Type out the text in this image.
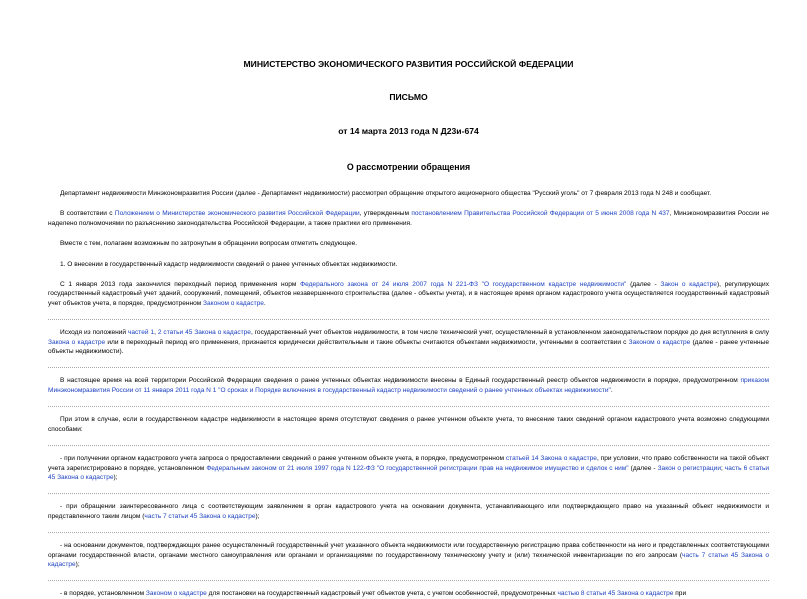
МИНИСТЕРСТВО ЭКОНОМИЧЕСКОГО РАЗВИТИЯ РОССИЙСКОЙ ФЕДЕРАЦИИ
ПИСЬМО
от 14 марта 2013 года N Д23и-674
О рассмотрении обращения

Департамент недвижимости Минэкономразвития России (далее - Департамент недвижимости) рассмотрел обращение открытого акционерного общества "Русский уголь" от 7 февраля 2013 года N 248 и сообщает.

В соответствии с Положением о Министерстве экономического развития Российской Федерации, утвержденным постановлением Правительства Российской Федерации от 5 июня 2008 года N 437, Минэкономразвития России не наделено полномочиями по разъяснению законодательства Российской Федерации, а также практики его применения.

Вместе с тем, полагаем возможным по затронутым в обращении вопросам отметить следующее.

1. О внесении в государственный кадастр недвижимости сведений о ранее учтенных объектах недвижимости.

С 1 января 2013 года закончился переходный период применения норм Федерального закона от 24 июля 2007 года N 221-ФЗ "О государственном кадастре недвижимости" (далее - Закон о кадастре), регулирующих государственный кадастровый учет зданий, сооружений, помещений, объектов незавершенного строительства (далее - объекты учета), и в настоящее время органом кадастрового учета осуществляется государственный кадастровый учет объектов учета, в порядке, предусмотренном Законом о кадастре.

Исходя из положений частей 1, 2 статьи 45 Закона о кадастре, государственный учет объектов недвижимости, в том числе технический учет, осуществленный в установленном законодательством порядке до дня вступления в силу Закона о кадастре или в переходный период его применения, признается юридически действительным и такие объекты считаются объектами недвижимости, учтенными в соответствии с Законом о кадастре (далее - ранее учтенные объекты недвижимости).

В настоящее время на всей территории Российской Федерации сведения о ранее учтенных объектах недвижимости внесены в Единый государственный реестр объектов недвижимости в порядке, предусмотренном приказом Минэкономразвития России от 11 января 2011 года N 1 "О сроках и Порядке включения в государственный кадастр недвижимости сведений о ранее учтенных объектах недвижимости".

При этом в случае, если в государственном кадастре недвижимости в настоящее время отсутствуют сведения о ранее учтенном объекте учета, то внесение таких сведений органом кадастрового учета возможно следующими способами:

- при получении органом кадастрового учета запроса о предоставлении сведений о ранее учтенном объекте учета, в порядке, предусмотренном статьей 14 Закона о кадастре, при условии, что право собственности на такой объект учета зарегистрировано в порядке, установленном Федеральным законом от 21 июля 1997 года N 122-ФЗ "О государственной регистрации прав на недвижимое имущество и сделок с ним" (далее - Закон о регистрации; часть 6 статьи 45 Закона о кадастре);

- при обращении заинтересованного лица с соответствующим заявлением в орган кадастрового учета на основании документа, устанавливающего или подтверждающего право на указанный объект недвижимости и представленного таким лицом (часть 7 статьи 45 Закона о кадастре);

- на основании документов, подтверждающих ранее осуществленный государственный учет указанного объекта недвижимости или государственную регистрацию права собственности на него и представленных соответствующими органами государственной власти, органами местного самоуправления или органами и организациями по государственному техническому учету и (или) технической инвентаризации по его запросам (часть 7 статьи 45 Закона о кадастре);

- в порядке, установленном Законом о кадастре для постановки на государственный кадастровый учет объектов учета, с учетом особенностей, предусмотренных частью 8 статьи 45 Закона о кадастре при
